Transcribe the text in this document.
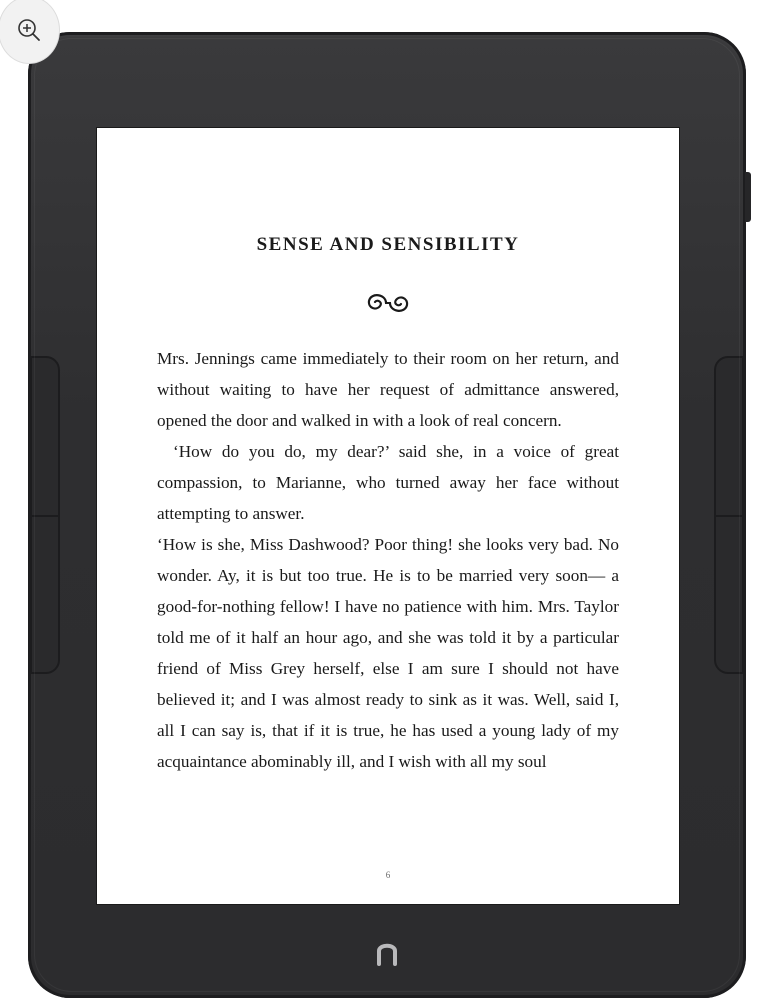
SENSE AND SENSIBILITY

Mrs. Jennings came immediately to their room on her return, and without waiting to have her request of admittance answered, opened the door and walked in with a look of real concern.

‘How do you do, my dear?’ said she, in a voice of great compassion, to Marianne, who turned away her face without attempting to answer.

‘How is she, Miss Dashwood? Poor thing! she looks very bad. No wonder. Ay, it is but too true. He is to be married very soon— a good-for-nothing fellow! I have no patience with him. Mrs. Taylor told me of it half an hour ago, and she was told it by a particular friend of Miss Grey herself, else I am sure I should not have believed it; and I was almost ready to sink as it was. Well, said I, all I can say is, that if it is true, he has used a young lady of my acquaintance abominably ill, and I wish with all my soul

6
